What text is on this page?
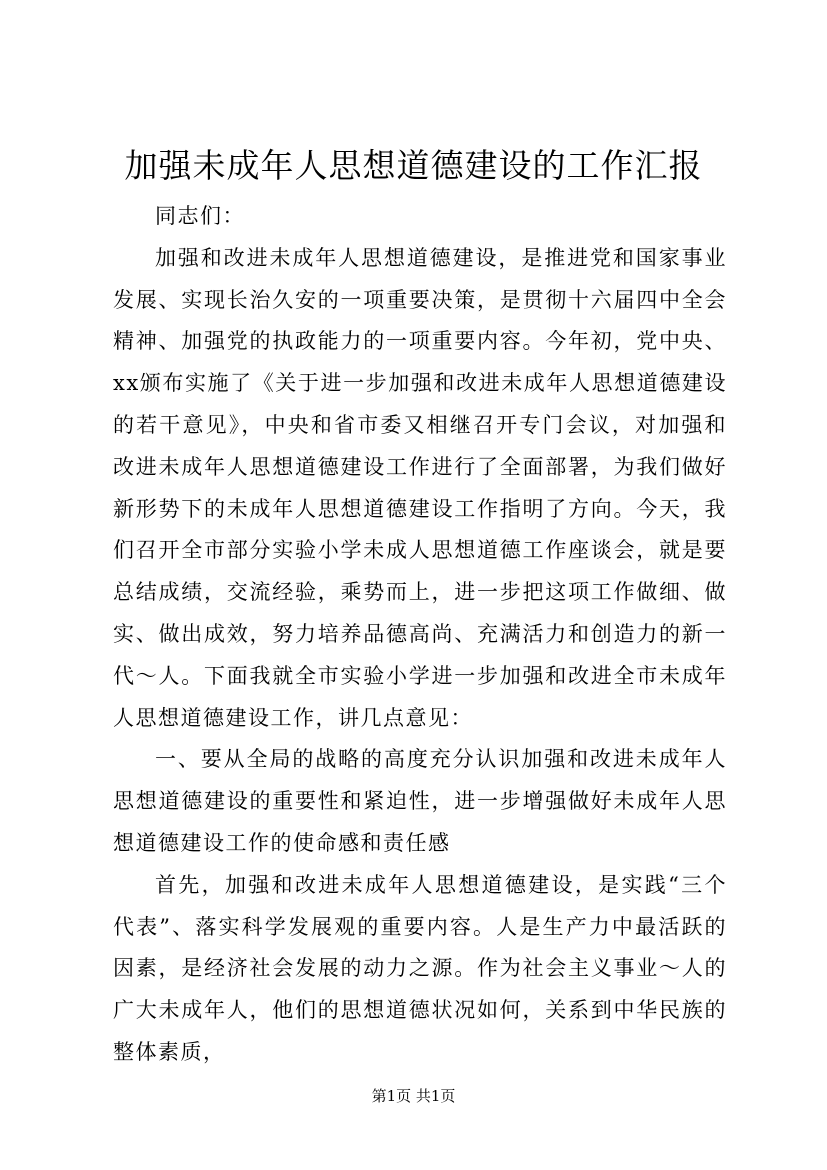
加强未成年人思想道德建设的工作汇报

同志们：

加强和改进未成年人思想道德建设，是推进党和国家事业发展、实现长治久安的一项重要决策，是贯彻十六届四中全会精神、加强党的执政能力的一项重要内容。今年初，党中央、xx颁布实施了《关于进一步加强和改进未成年人思想道德建设的若干意见》，中央和省市委又相继召开专门会议，对加强和改进未成年人思想道德建设工作进行了全面部署，为我们做好新形势下的未成年人思想道德建设工作指明了方向。今天，我们召开全市部分实验小学未成人思想道德工作座谈会，就是要总结成绩，交流经验，乘势而上，进一步把这项工作做细、做实、做出成效，努力培养品德高尚、充满活力和创造力的新一代～人。下面我就全市实验小学进一步加强和改进全市未成年人思想道德建设工作，讲几点意见：

一、要从全局的战略的高度充分认识加强和改进未成年人思想道德建设的重要性和紧迫性，进一步增强做好未成年人思想道德建设工作的使命感和责任感

首先，加强和改进未成年人思想道德建设，是实践“三个代表”、落实科学发展观的重要内容。人是生产力中最活跃的因素，是经济社会发展的动力之源。作为社会主义事业～人的广大未成年人，他们的思想道德状况如何，关系到中华民族的整体素质，

第1页 共1页
